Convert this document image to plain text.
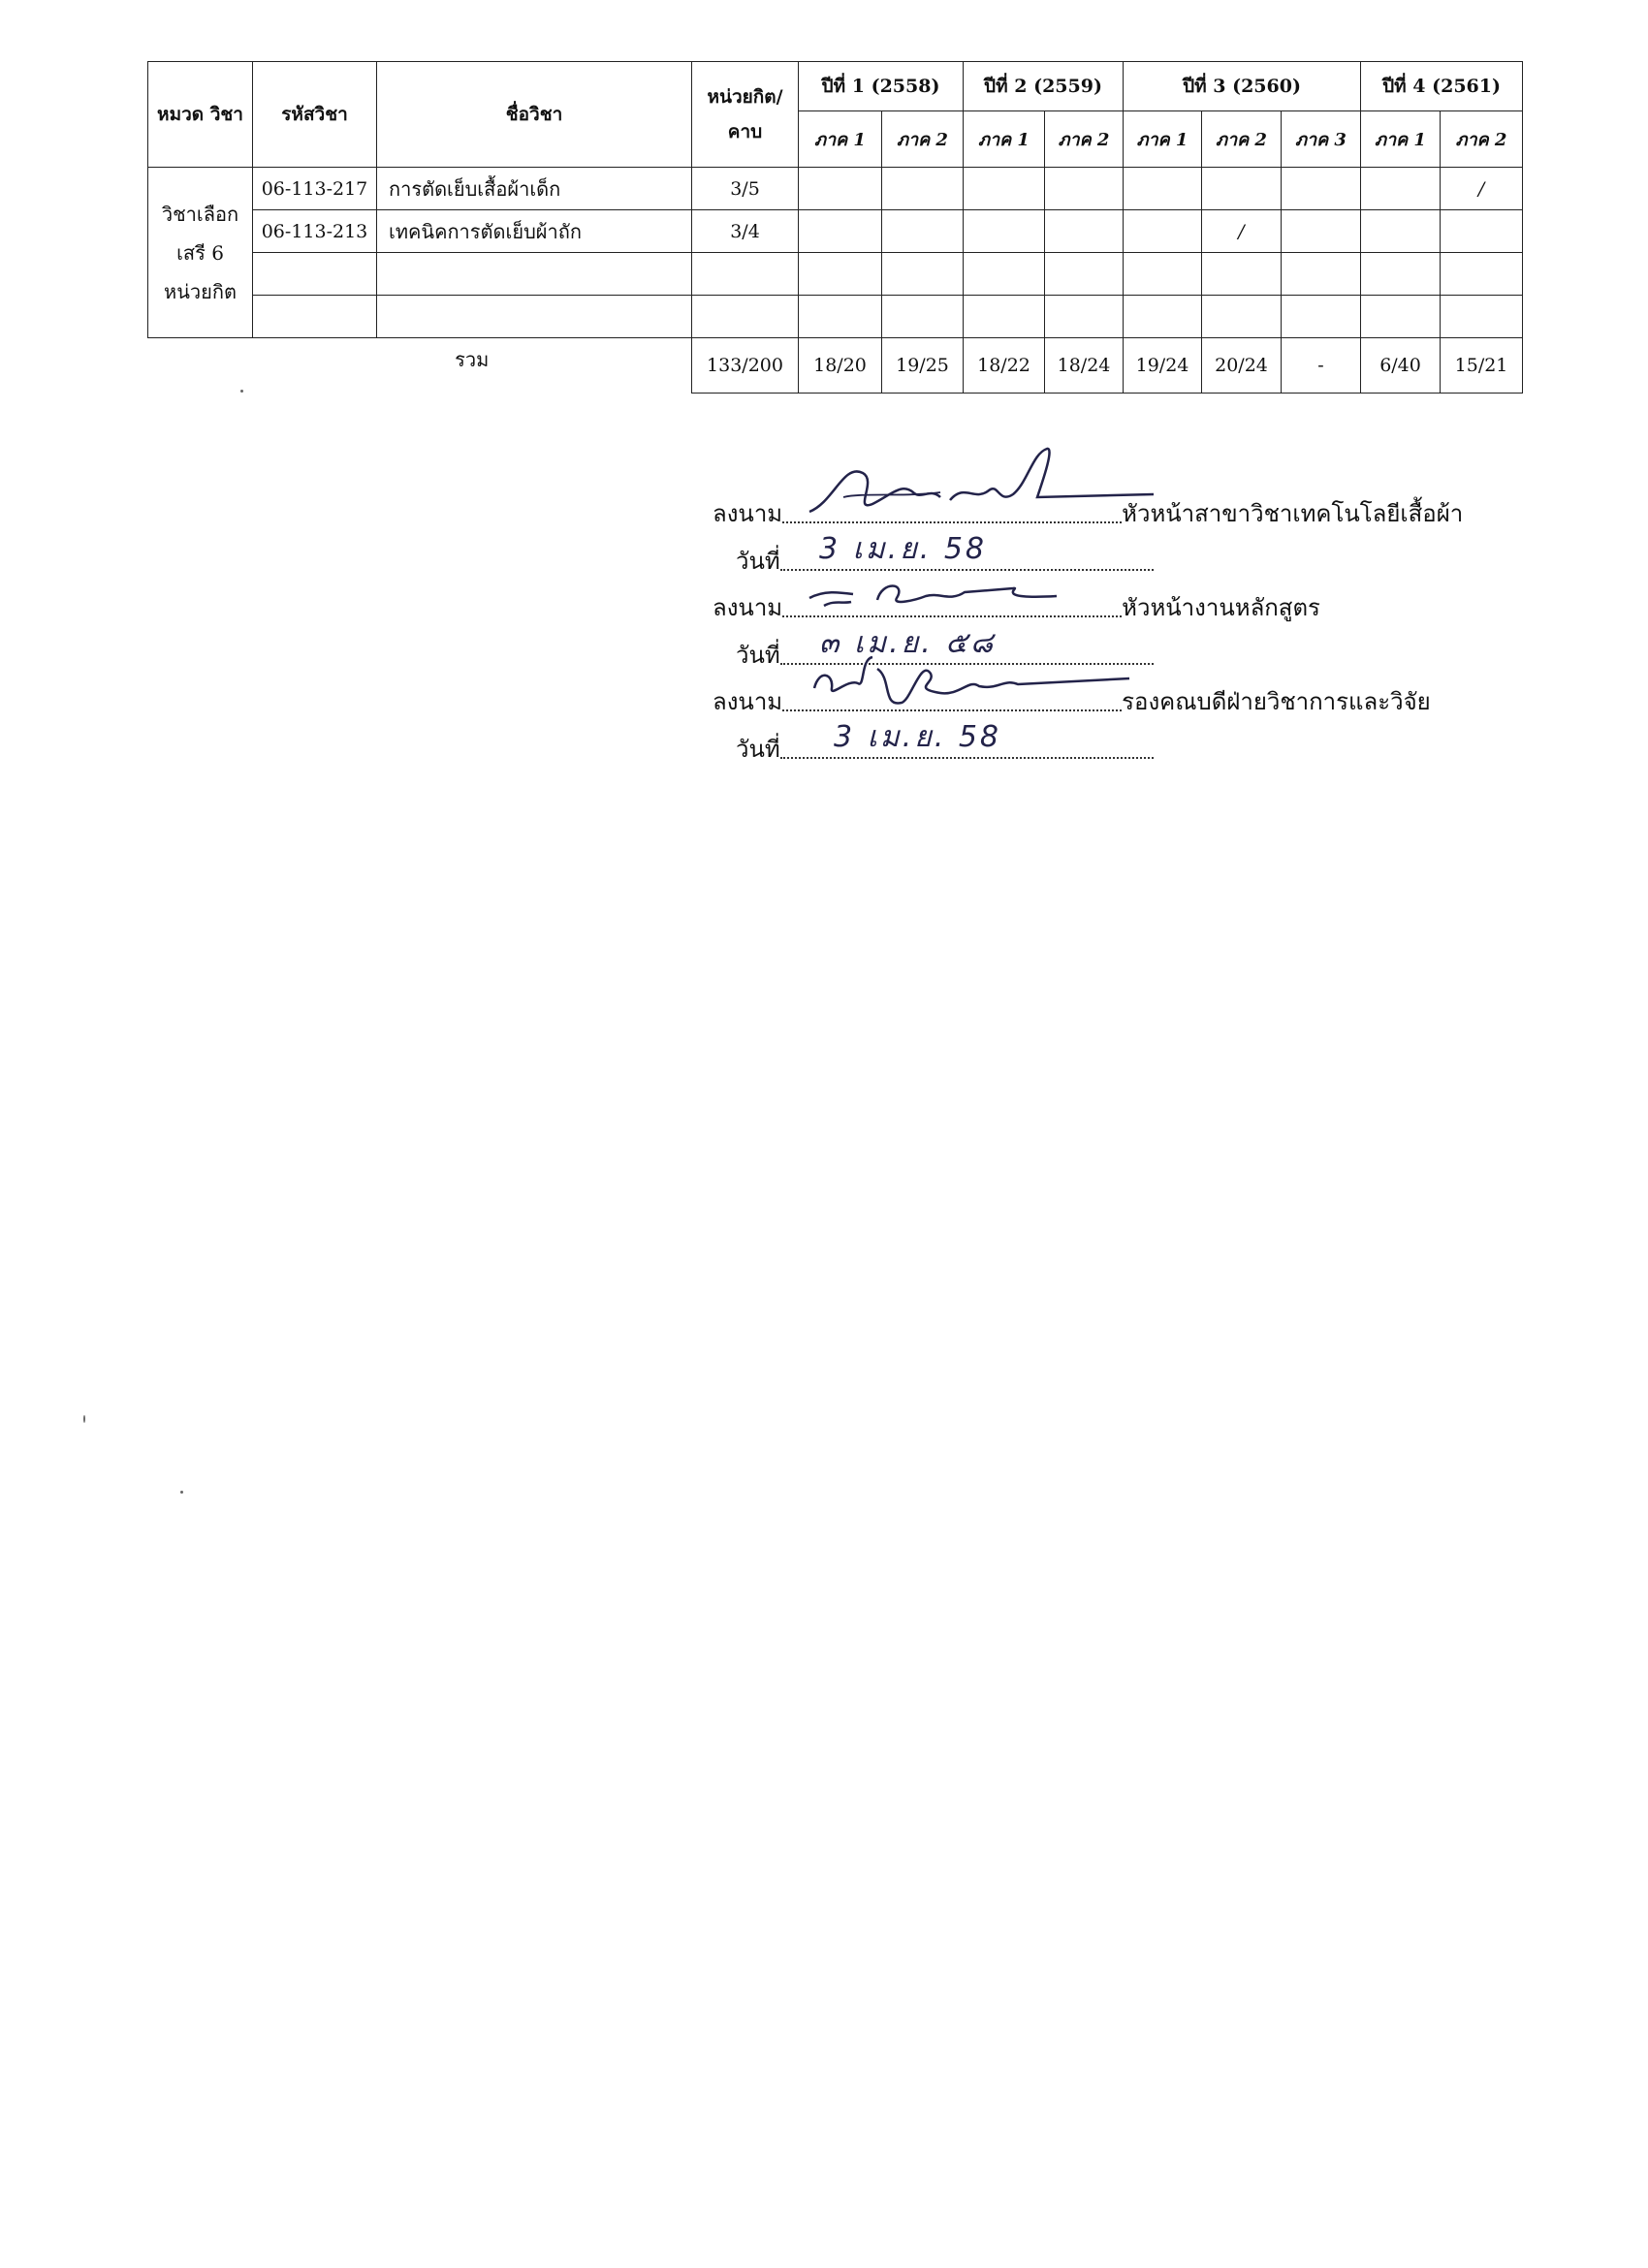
หมวด วิชา	รหัสวิชา	ชื่อวิชา	หน่วยกิต/ คาบ	ปีที่ 1 (2558)		ปีที่ 2 (2559)		ปีที่ 3 (2560)			ปีที่ 4 (2561)	
				ภาค 1	ภาค 2	ภาค 1	ภาค 2	ภาค 1	ภาค 2	ภาค 3	ภาค 1	ภาค 2
วิชาเลือก เสรี 6 หน่วยกิต	06-113-217	การตัดเย็บเสื้อผ้าเด็ก	3/5									/
	06-113-213	เทคนิคการตัดเย็บผ้าถัก	3/4						/			

	รวม		133/200	18/20	19/25	18/22	18/24	19/24	20/24	-	6/40	15/21
ลงนาม	หัวหน้าสาขาวิชาเทคโนโลยีเสื้อผ้า
วันที่ 3 เม.ย. 58
ลงนาม	หัวหน้างานหลักสูตร
วันที่ ๓ เม.ย. ๕๘
ลงนาม	รองคณบดีฝ่ายวิชาการและวิจัย
วันที่ 3 เม.ย. 58
